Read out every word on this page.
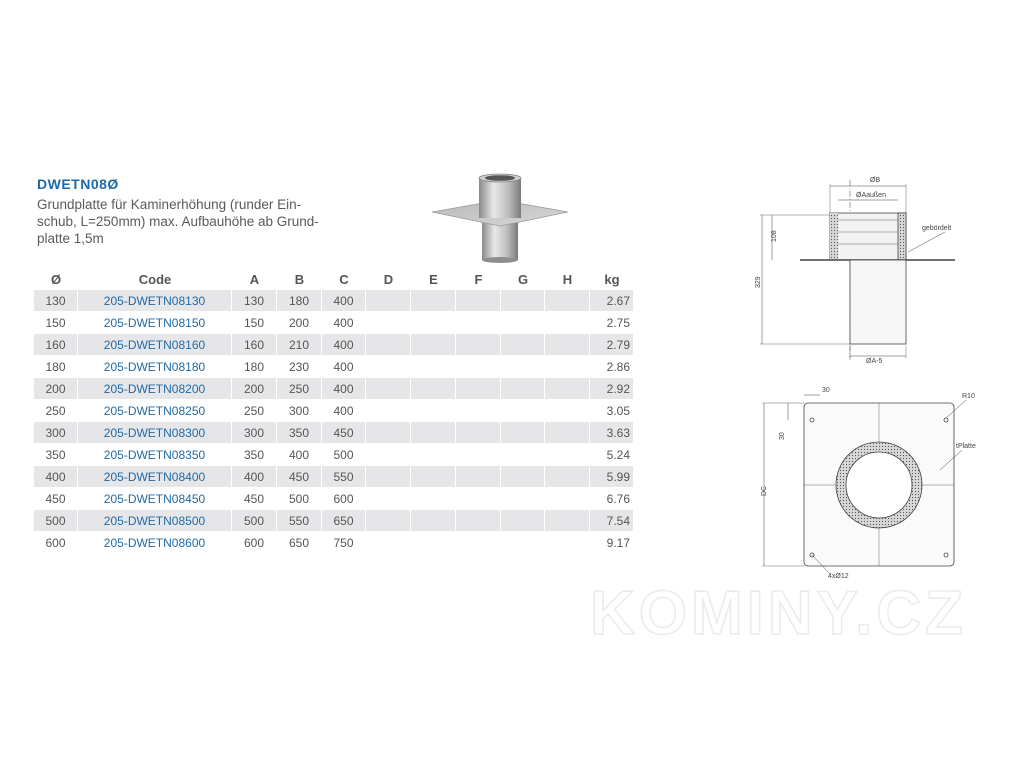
DWETN08Ø
Grundplatte für Kaminerhöhung (runder Ein-
schub, L=250mm) max. Aufbauhöhe ab Grund-
platte 1,5m
Ø	Code	A	B	C	D	E	F	G	H	kg
130	205-DWETN08130	130	180	400						2.67
150	205-DWETN08150	150	200	400						2.75
160	205-DWETN08160	160	210	400						2.79
180	205-DWETN08180	180	230	400						2.86
200	205-DWETN08200	200	250	400						2.92
250	205-DWETN08250	250	300	400						3.05
300	205-DWETN08300	300	350	450						3.63
350	205-DWETN08350	350	400	500						5.24
400	205-DWETN08400	400	450	550						5.99
450	205-DWETN08450	450	500	600						6.76
500	205-DWETN08500	500	550	650						7.54
600	205-DWETN08600	600	650	750						9.17
ØB
ØAaußen
108
329
ØA-5
gebördelt
30
30
R10
tPlatte
DC
4xØ12
KOMINY.CZ
